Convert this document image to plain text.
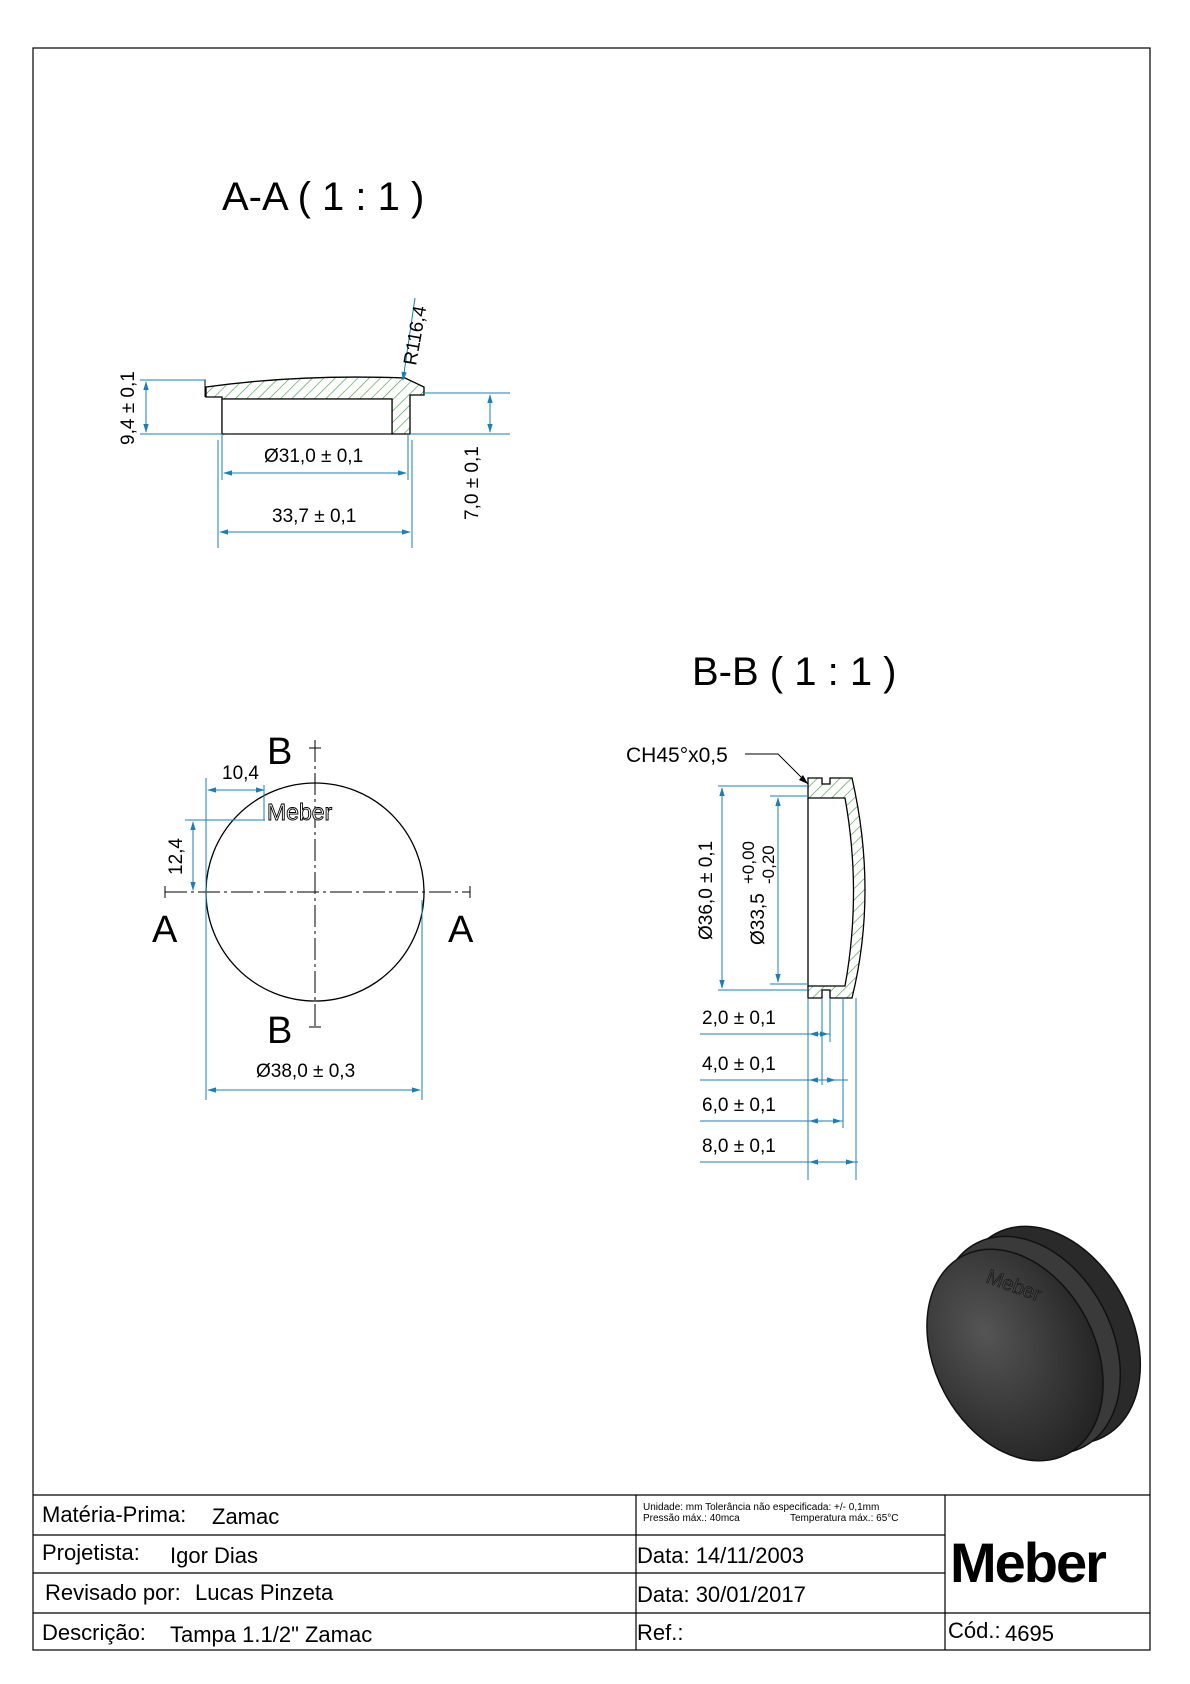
A-A ( 1 : 1 )
R116,4
9,4 ± 0,1
7,0 ± 0,1
Ø31,0 ± 0,1
33,7 ± 0,1
A	A
B
B
Meber
10,4
12,4
Ø38,0 ± 0,3
B-B ( 1 : 1 )
CH45°x0,5
Ø36,0 ± 0,1 Ø33,5
+0,00 -0,20
2,0 ± 0,1
4,0 ± 0,1
6,0 ± 0,1
8,0 ± 0,1
Meber
Matéria-Prima: Zamac
Projetista: Igor Dias
Revisado por: Lucas Pinzeta
Descrição: Tampa 1.1/2" Zamac
Unidade: mm Tolerância não especificada: +/- 0,1mm
Pressão máx.: 40mca	Temperatura máx.: 65°C
Data: 14/11/2003
Data: 30/01/2017
Ref.:
Meber
Cód.: 4695
